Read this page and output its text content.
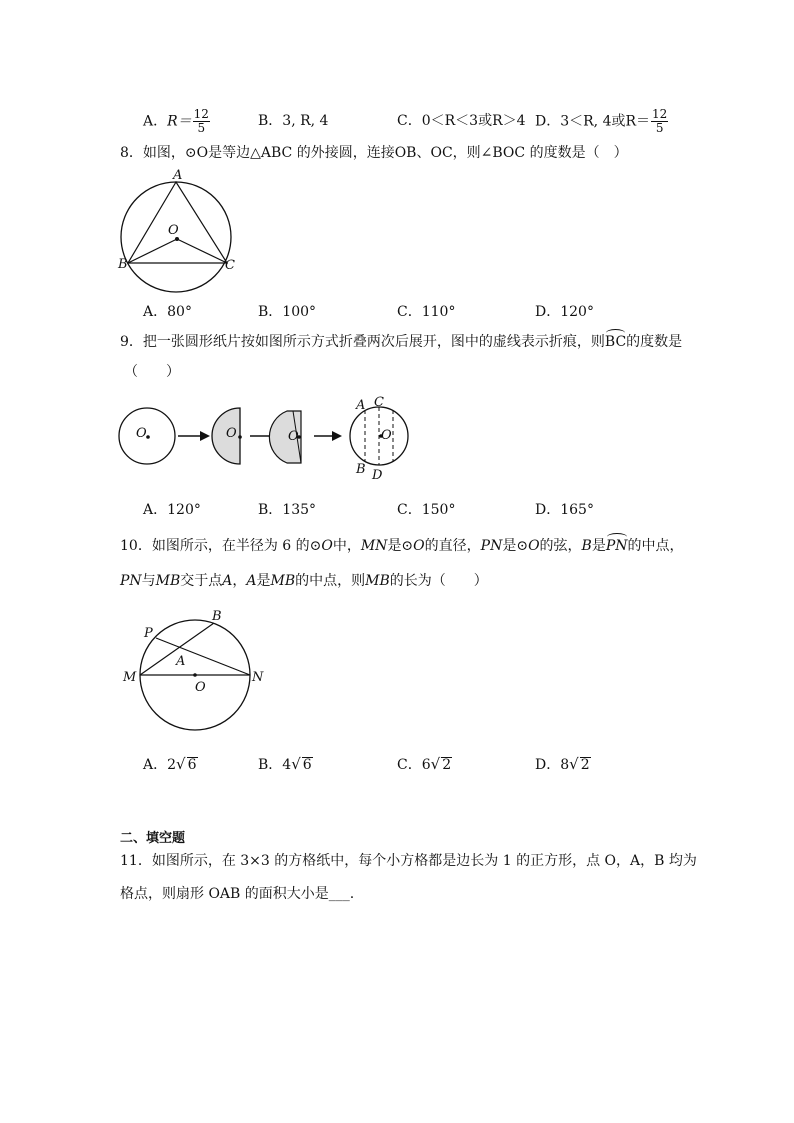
A．$R= \frac{12}{5}$	B．3, R, 4	C．0＜R＜3或R＞4 D．3＜R, 4或$R= \frac{12}{5}$
8．如图，⊙O是等边△ABC 的外接圆，连接OB、OC，则∠BOC 的度数是（　）
A
O
B	C
A．80°	B．100°	C．110°	D．120°
9．把一张圆形纸片按如图所示方式折叠两次后展开，图中的虚线表示折痕，则BC的度数是
（　　）
O	O	O
A C
O
B D
A．120°	B．135°	C．150°	D．165°
10．如图所示，在半径为 6 的⊙O中，MN是⊙O的直径，PN是⊙O的弦，B是PN的中点，
PN与MB交于点A，A是MB的中点，则MB的长为（　　）
P
B
A
M	N
O
A．2√ 6	B．4√ 6	C．6√ 2	D．8√ 2
二、填空题
11．如图所示，在 3×3 的方格纸中，每个小方格都是边长为 1 的正方形，点 O，A，B 均为
格点，则扇形 OAB 的面积大小是___.
